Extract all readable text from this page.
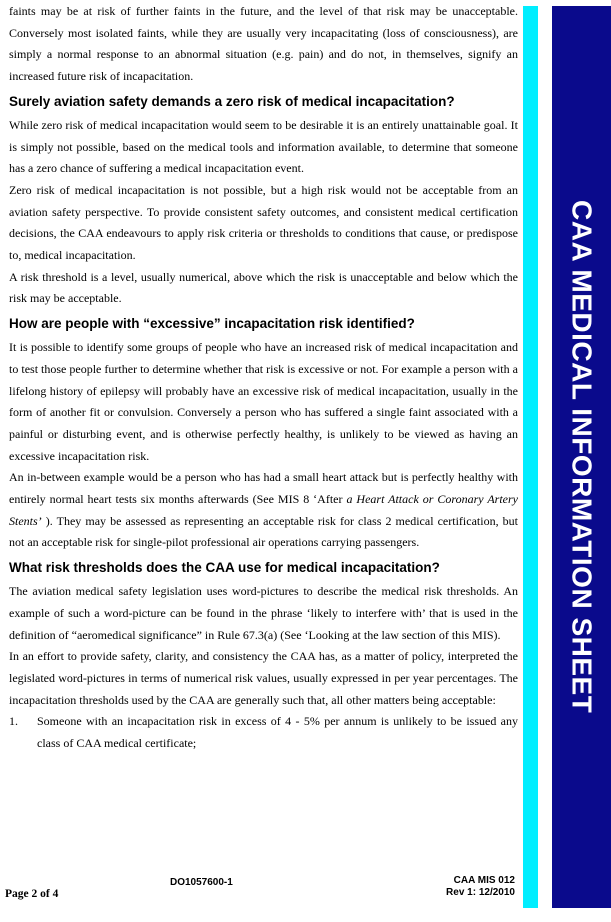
faints may be at risk of further faints in the future, and the level of that risk may be unacceptable. Conversely most isolated faints, while they are usually very incapacitating (loss of consciousness), are simply a normal response to an abnormal situation (e.g. pain) and do not, in themselves, signify an increased future risk of incapacitation.

Surely aviation safety demands a zero risk of medical incapacitation?

While zero risk of medical incapacitation would seem to be desirable it is an entirely unattainable goal. It is simply not possible, based on the medical tools and information available, to determine that someone has a zero chance of suffering a medical incapacitation event.

Zero risk of medical incapacitation is not possible, but a high risk would not be acceptable from an aviation safety perspective. To provide consistent safety outcomes, and consistent medical certification decisions, the CAA endeavours to apply risk criteria or thresholds to conditions that cause, or predispose to, medical incapacitation.

A risk threshold is a level, usually numerical, above which the risk is unacceptable and below which the risk may be acceptable.

How are people with “excessive” incapacitation risk identified?

It is possible to identify some groups of people who have an increased risk of medical incapacitation and to test those people further to determine whether that risk is excessive or not. For example a person with a lifelong history of epilepsy will probably have an excessive risk of medical incapacitation, usually in the form of another fit or convulsion. Conversely a person who has suffered a single faint associated with a painful or disturbing event, and is otherwise perfectly healthy, is unlikely to be viewed as having an excessive incapacitation risk.

An in-between example would be a person who has had a small heart attack but is perfectly healthy with entirely normal heart tests six months afterwards (See MIS 8 ‘After a Heart Attack or Coronary Artery Stents’ ). They may be assessed as representing an acceptable risk for class 2 medical certification, but not an acceptable risk for single-pilot professional air operations carrying passengers.

What risk thresholds does the CAA use for medical incapacitation?

The aviation medical safety legislation uses word-pictures to describe the medical risk thresholds. An example of such a word-picture can be found in the phrase ‘likely to interfere with’ that is used in the definition of “aeromedical significance” in Rule 67.3(a) (See ‘Looking at the law section of this MIS).

In an effort to provide safety, clarity, and consistency the CAA has, as a matter of policy, interpreted the legislated word-pictures in terms of numerical risk values, usually expressed in per year percentages. The incapacitation thresholds used by the CAA are generally such that, all other matters being acceptable:

1.	Someone with an incapacitation risk in excess of 4 - 5% per annum is unlikely to be issued any class of CAA medical certificate;
DO1057600-1
Page 2 of 4
CAA MIS 012
Rev 1: 12/2010
CAA MEDICAL INFORMATION SHEET
